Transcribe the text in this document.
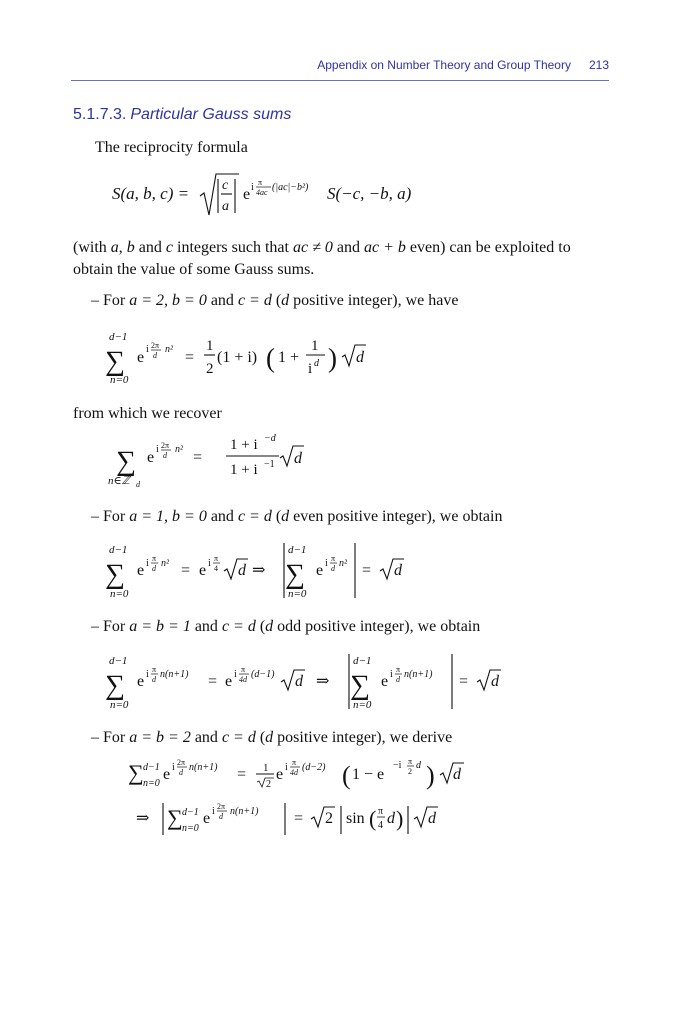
Appendix on Number Theory and Group Theory 213
5.1.7.3. Particular Gauss sums
The reciprocity formula
(with a, b and c integers such that ac ≠ 0 and ac + b even) can be exploited to
obtain the value of some Gauss sums.
– For a = 2, b = 0 and c = d (d positive integer), we have
from which we recover
– For a = 1, b = 0 and c = d (d even positive integer), we obtain
– For a = b = 1 and c = d (d odd positive integer), we obtain
– For a = b = 2 and c = d (d positive integer), we derive
S(a, b, c) = c
a
e i π
4ac (|ac|−b²) S(−c, −b, a)
d−1
∑
n=0
e i 2π
d
n² =
1
2
(1 + i) ( 1 +
1
i d ) d
∑
n∈ℤ d
e i 2π
d
n² =
1 + i −d
1 + i −1 d
d−1
∑
n=0
e i π
d n² = e i π
4 d ⇒
d−1
∑
n=0
e i π
d n² = d
d−1
∑
n=0
e i π
d n(n+1) = e i π
4d (d−1) d ⇒
d−1
∑
n=0
e i π
d n(n+1) = d
∑ d−1
n=0
e i 2π
d n(n+1) = 1
2
e i π
4d (d−2) ( 1 − e
−i π
2
d ) d
⇒ ∑ d−1
n=0
e i 2π
d n(n+1) = 2 sin ( π
4 d ) d
